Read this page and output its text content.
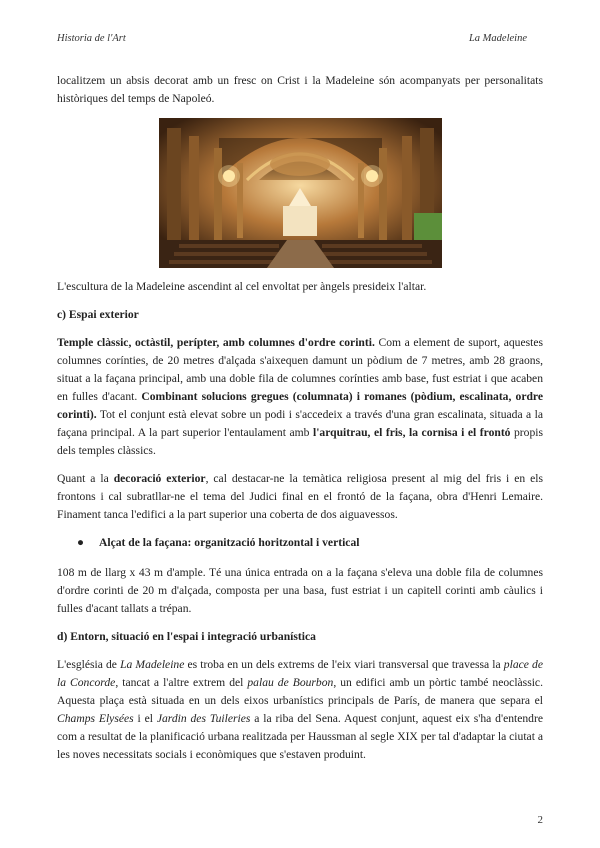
Historia de l'Art	La Madeleine

localitzem un absis decorat amb un fresc on Crist i la Madeleine són acompanyats per personalitats històriques del temps de Napoleó.

L'escultura de la Madeleine ascendint al cel envoltat per àngels presideix l'altar.

c) Espai exterior

Temple clàssic, octàstil, perípter, amb columnes d'ordre corinti. Com a element de suport, aquestes columnes corínties, de 20 metres d'alçada s'aixequen damunt un pòdium de 7 metres, amb 28 graons, situat a la façana principal, amb una doble fila de columnes corínties amb base, fust estriat i que acaben en fulles d'acant. Combinant solucions gregues (columnata) i romanes (pòdium, escalinata, ordre corinti). Tot el conjunt està elevat sobre un podi i s'accedeix a través d'una gran escalinata, situada a la façana principal. A la part superior l'entaulament amb l'arquitrau, el fris, la cornisa i el frontó propis dels temples clàssics.

Quant a la decoració exterior, cal destacar-ne la temàtica religiosa present al mig del fris i en els frontons i cal subratllar-ne el tema del Judici final en el frontó de la façana, obra d'Henri Lemaire. Finament tanca l'edifici a la part superior una coberta de dos aiguavessos.

●	Alçat de la façana: organització horitzontal i vertical

108 m de llarg x 43 m d'ample. Té una única entrada on a la façana s'eleva una doble fila de columnes d'ordre corinti de 20 m d'alçada, composta per una basa, fust estriat i un capitell corinti amb càulics i fulles d'acant tallats a trépan.

d) Entorn, situació en l'espai i integració urbanística

L'església de La Madeleine es troba en un dels extrems de l'eix viari transversal que travessa la place de la Concorde, tancat a l'altre extrem del palau de Bourbon, un edifici amb un pòrtic també neoclàssic. Aquesta plaça està situada en un dels eixos urbanístics principals de París, de manera que separa el Champs Elysées i el Jardin des Tuileries a la riba del Sena. Aquest conjunt, aquest eix s'ha d'entendre com a resultat de la planificació urbana realitzada per Haussman al segle XIX per tal d'adaptar la ciutat a les noves necessitats socials i econòmiques que s'estaven produint.

2
